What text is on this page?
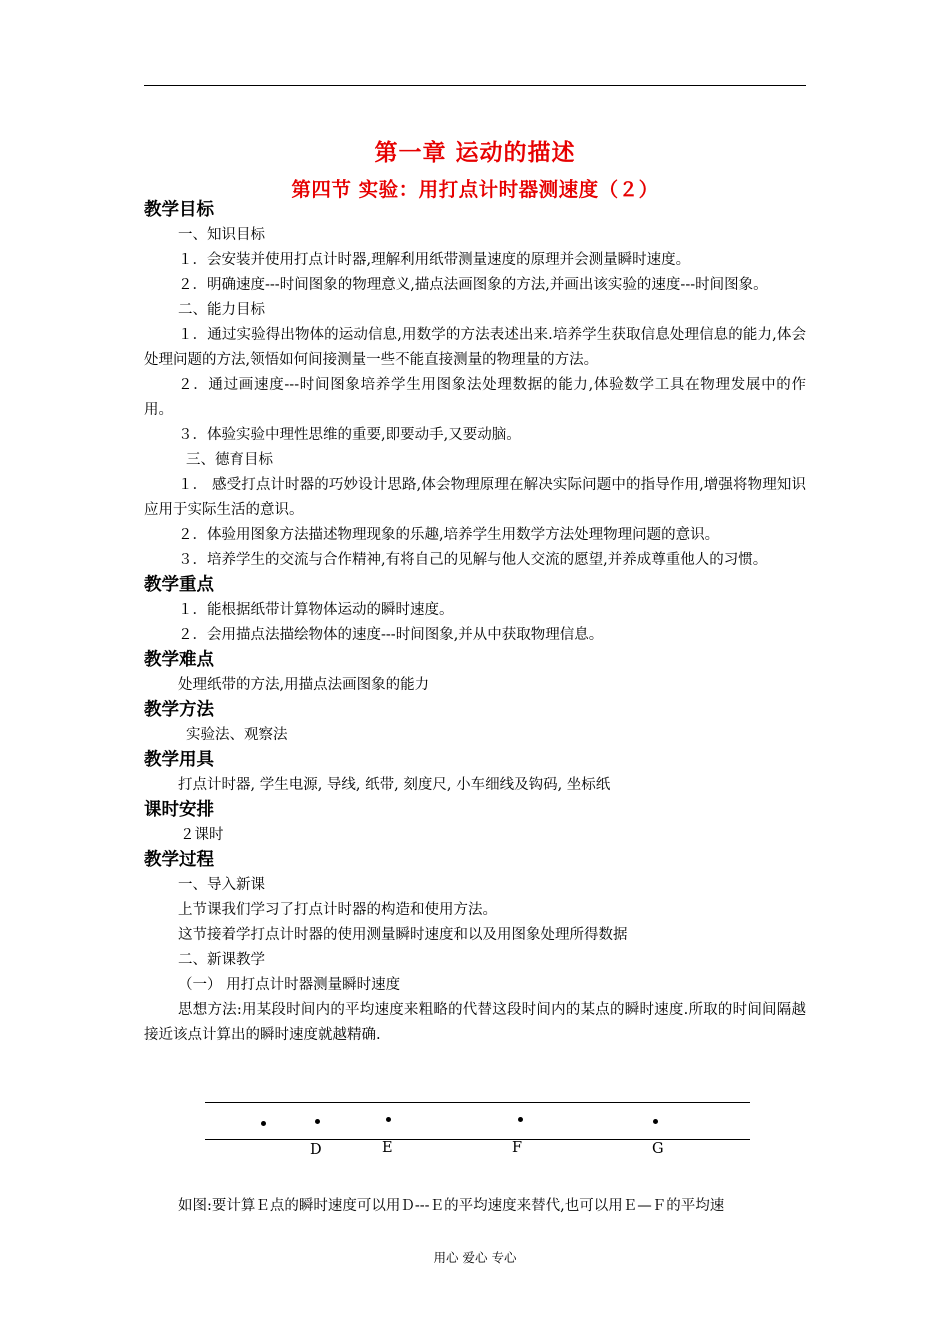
第一章 运动的描述
第四节 实验：用打点计时器测速度（２）
教学目标
一、知识目标
１．会安装并使用打点计时器,理解利用纸带测量速度的原理并会测量瞬时速度。
２．明确速度---时间图象的物理意义,描点法画图象的方法,并画出该实验的速度---时间图象。
二、能力目标
１．通过实验得出物体的运动信息,用数学的方法表述出来.培养学生获取信息处理信息的能力,体会处理问题的方法,领悟如何间接测量一些不能直接测量的物理量的方法。
２．通过画速度---时间图象培养学生用图象法处理数据的能力,体验数学工具在物理发展中的作用。
３．体验实验中理性思维的重要,即要动手,又要动脑。
三、德育目标
１． 感受打点计时器的巧妙设计思路,体会物理原理在解决实际问题中的指导作用,增强将物理知识应用于实际生活的意识。
２．体验用图象方法描述物理现象的乐趣,培养学生用数学方法处理物理问题的意识。
３．培养学生的交流与合作精神,有将自己的见解与他人交流的愿望,并养成尊重他人的习惯。
教学重点
１．能根据纸带计算物体运动的瞬时速度。
２．会用描点法描绘物体的速度---时间图象,并从中获取物理信息。
教学难点
处理纸带的方法,用描点法画图象的能力
教学方法
实验法、观察法
教学用具
打点计时器, 学生电源, 导线, 纸带, 刻度尺, 小车细线及钩码, 坐标纸
课时安排
２课时
教学过程
一、导入新课
上节课我们学习了打点计时器的构造和使用方法。
这节接着学打点计时器的使用测量瞬时速度和以及用图象处理所得数据
二、新课教学
（一） 用打点计时器测量瞬时速度
思想方法:用某段时间内的平均速度来粗略的代替这段时间内的某点的瞬时速度.所取的时间间隔越接近该点计算出的瞬时速度就越精确.
D	E	F	G
如图:要计算Ｅ点的瞬时速度可以用Ｄ---Ｅ的平均速度来替代,也可以用Ｅ—Ｆ的平均速
用心 爱心 专心
